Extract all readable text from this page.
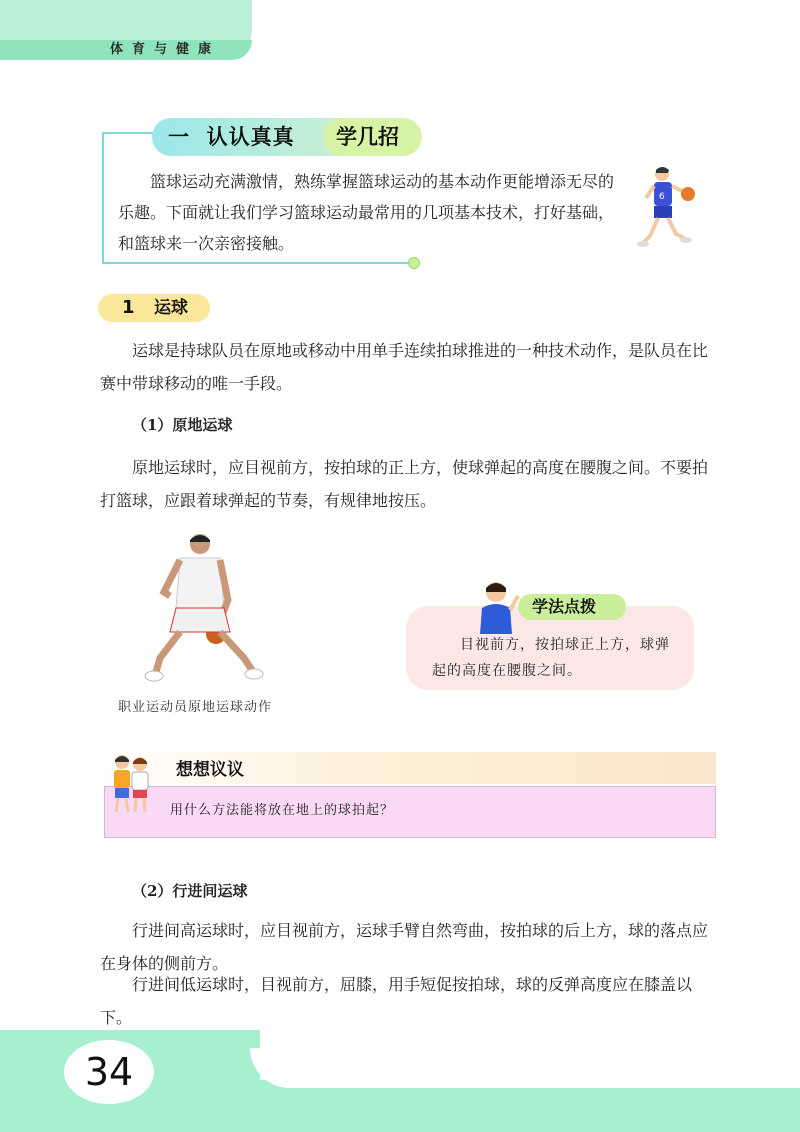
体育与健康
一  认认真真 学几招
篮球运动充满激情，熟练掌握篮球运动的基本动作更能增添无尽的乐趣。下面就让我们学习篮球运动最常用的几项基本技术，打好基础，和篮球来一次亲密接触。
6
1 运球
运球是持球队员在原地或移动中用单手连续拍球推进的一种技术动作，是队员在比赛中带球移动的唯一手段。
（1）原地运球
原地运球时，应目视前方，按拍球的正上方，使球弹起的高度在腰腹之间。不要拍打篮球，应跟着球弹起的节奏，有规律地按压。
职业运动员原地运球动作
学法点拨
目视前方，按拍球正上方，球弹起的高度在腰腹之间。
想想议议
用什么方法能将放在地上的球拍起？
（2）行进间运球
行进间高运球时，应目视前方，运球手臂自然弯曲，按拍球的后上方，球的落点应在身体的侧前方。
行进间低运球时，目视前方，屈膝，用手短促按拍球，球的反弹高度应在膝盖以下。
34
